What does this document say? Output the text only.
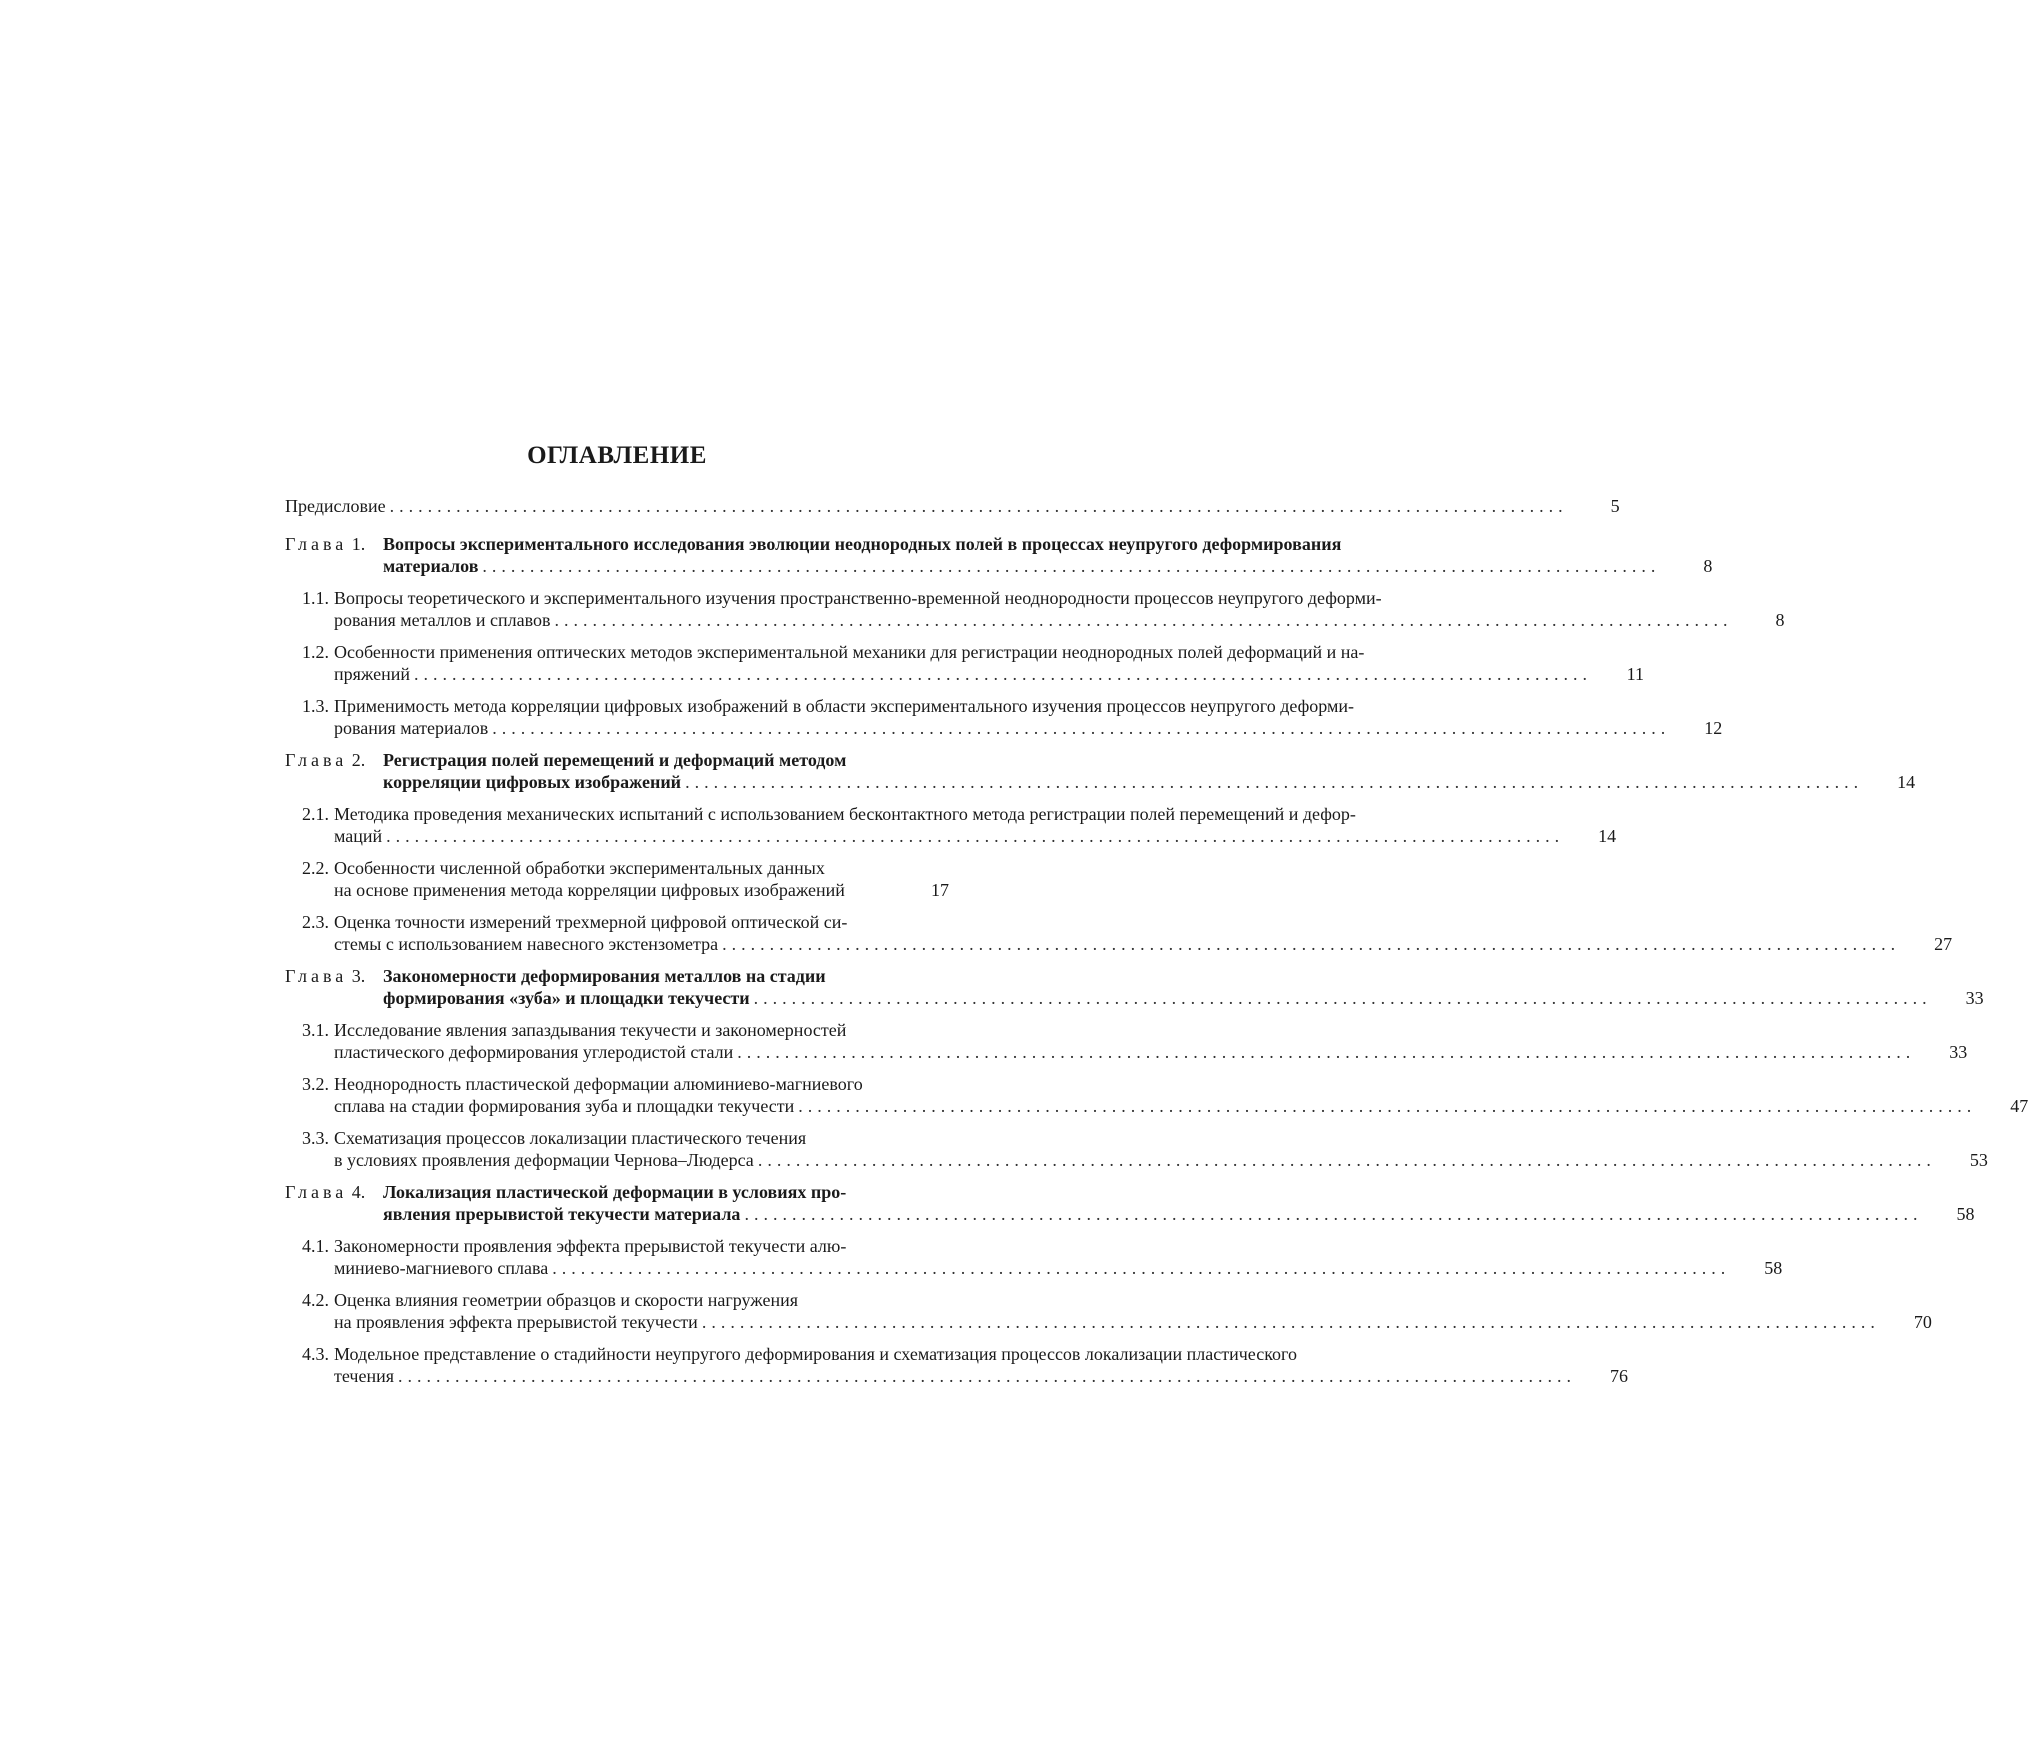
ОГЛАВЛЕНИЕ
Предисловие ............................................................................................................................	5
Глава 1. Вопросы экспериментального исследования эволюции неоднородных полей в процессах неупругого деформирования
материалов ............................................................................................................................	8
1.1. Вопросы теоретического и экспериментального изучения пространственно-временной неоднородности процессов неупругого деформи-
рования металлов и сплавов ............................................................................................................................	8
1.2. Особенности применения оптических методов экспериментальной механики для регистрации неоднородных полей деформаций и на-
пряжений ............................................................................................................................	11
1.3. Применимость метода корреляции цифровых изображений в области экспериментального изучения процессов неупругого деформи-
рования материалов ............................................................................................................................	12
Глава 2. Регистрация полей перемещений и деформаций методом
корреляции цифровых изображений ............................................................................................................................	14
2.1. Методика проведения механических испытаний с использованием бесконтактного метода регистрации полей перемещений и дефор-
маций ............................................................................................................................	14
2.2. Особенности численной обработки экспериментальных данных
на основе применения метода корреляции цифровых изображений	17
2.3. Оценка точности измерений трехмерной цифровой оптической си-
стемы с использованием навесного экстензометра ............................................................................................................................	27
Глава 3. Закономерности деформирования металлов на стадии
формирования «зуба» и площадки текучести ............................................................................................................................	33
3.1. Исследование явления запаздывания текучести и закономерностей
пластического деформирования углеродистой стали ............................................................................................................................	33
3.2. Неоднородность пластической деформации алюминиево-магниевого
сплава на стадии формирования зуба и площадки текучести ............................................................................................................................	47
3.3. Схематизация процессов локализации пластического течения
в условиях проявления деформации Чернова–Людерса ............................................................................................................................	53
Глава 4. Локализация пластической деформации в условиях про-
явления прерывистой текучести материала ............................................................................................................................	58
4.1. Закономерности проявления эффекта прерывистой текучести алю-
миниево-магниевого сплава ............................................................................................................................	58
4.2. Оценка влияния геометрии образцов и скорости нагружения
на проявления эффекта прерывистой текучести ............................................................................................................................	70
4.3. Модельное представление о стадийности неупругого деформирования и схематизация процессов локализации пластического
течения ............................................................................................................................	76
